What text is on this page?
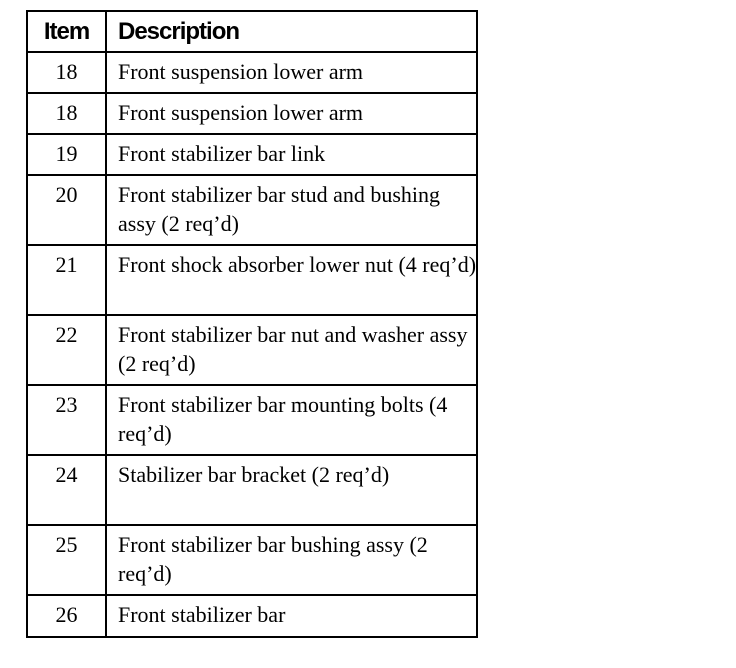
Item	Description
18	Front suspension lower arm
18	Front suspension lower arm
19	Front stabilizer bar link
20	Front stabilizer bar stud and bushing assy (2 req’d)
21	Front shock absorber lower nut (4 req’d)
22	Front stabilizer bar nut and washer assy (2 req’d)
23	Front stabilizer bar mounting bolts (4 req’d)
24	Stabilizer bar bracket (2 req’d)
25	Front stabilizer bar bushing assy (2 req’d)
26	Front stabilizer bar
